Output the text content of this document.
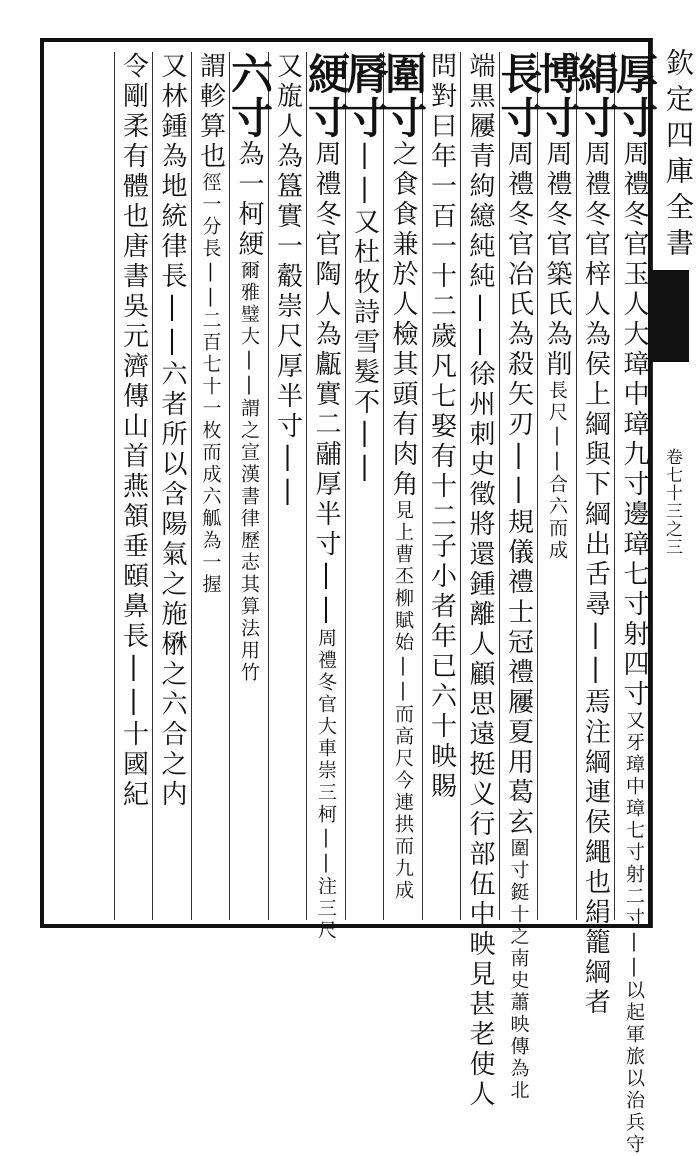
欽定四庫全書
卷七十三之三
厚寸周禮冬官玉人大璋中璋九寸邊璋七寸射四寸又牙璋中璋七寸射二寸||以起軍旅以治兵守
絹寸周禮冬官梓人為侯上綱與下綱出舌尋||焉注綱連侯繩也絹籠綱者
博寸周禮冬官築氏為削長尺||合六而成
長寸周禮冬官冶氏為殺矢刃||規儀禮士冠禮屨夏用葛玄圍寸鋌十之南史蕭映傳為北
端黒屨青絇繶純純||徐州刺史徵將還鍾離人顧思遠挺义行部伍中映見甚老使人
問對曰年一百一十二歲凡七娶有十二子小者年已六十映賜
圍寸之食食兼於人檢其頭有肉角見上曹丕柳賦始||而高尺今連拱而九成
脣寸||又杜牧詩雪髮不||
綆寸周禮冬官陶人為甗實二鬴厚半寸||周禮冬官大車崇三柯||注三尺
又旊人為簋實一觳崇尺厚半寸||
六寸為一柯綆爾雅璧大||謂之宣漢書律歷志其算法用竹
謂軫算也徑一分長||二百七十一枚而成六觚為一握
又林鍾為地統律長||六者所以含陽氣之施楙之六合之内
令剛柔有體也唐書吳元濟傳山首燕頷垂頤鼻長||十國紀
